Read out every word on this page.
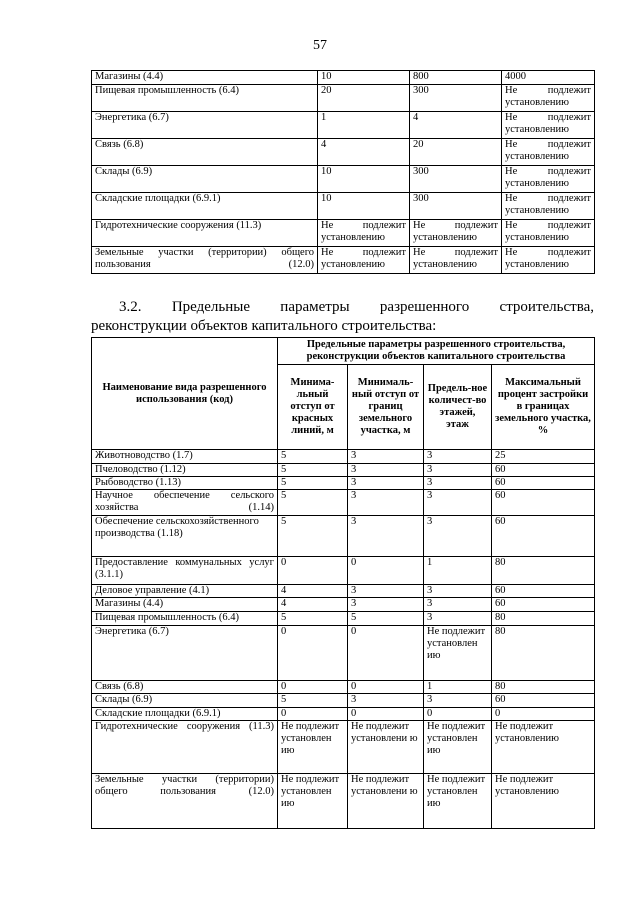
57
Магазины (4.4)	10	800	4000
Пищевая промышленность (6.4)	20	300	Не подлежит установлению
Энергетика (6.7)	1	4	Не подлежит установлению
Связь (6.8)	4	20	Не подлежит установлению
Склады (6.9)	10	300	Не подлежит установлению
Складские площадки (6.9.1)	10	300	Не подлежит установлению
Гидротехнические сооружения (11.3)	Не подлежит установлению	Не подлежит установлению	Не подлежит установлению
Земельные участки (территории) общего пользования (12.0)	Не подлежит установлению	Не подлежит установлению	Не подлежит установлению
3.2. Предельные параметры разрешенного строительства,
реконструкции объектов капитального строительства:
Наименование вида разрешенного использования (код)	Предельные параметры разрешенного строительства, реконструкции объектов капитального строительства			
	Минима-льный отступ от красных линий, м	Минималь-ный отступ от границ земельного участка, м	Предель-ное количест-во этажей, этаж	Максимальный процент застройки в границах земельного участка, %
Животноводство (1.7)	5	3	3	25
Пчеловодство (1.12)	5	3	3	60
Рыбоводство (1.13)	5	3	3	60
Научное обеспечение сельского хозяйства (1.14)	5	3	3	60
Обеспечение сельскохозяйственного производства (1.18)	5	3	3	60
Предоставление коммунальных услуг (3.1.1)	0	0	1	80
Деловое управление (4.1)	4	3	3	60
Магазины (4.4)	4	3	3	60
Пищевая промышленность (6.4)	5	5	3	80
Энергетика (6.7)	0	0	Не подлежит установлен ию	80
Связь (6.8)	0	0	1	80
Склады (6.9)	5	3	3	60
Складские площадки (6.9.1)	0	0	0	0
Гидротехнические сооружения (11.3)	Не подлежит установлен ию	Не подлежит установлени ю	Не подлежит установлен ию	Не подлежит установлению
Земельные участки (территории) общего пользования (12.0)	Не подлежит установлен ию	Не подлежит установлени ю	Не подлежит установлен ию	Не подлежит установлению
